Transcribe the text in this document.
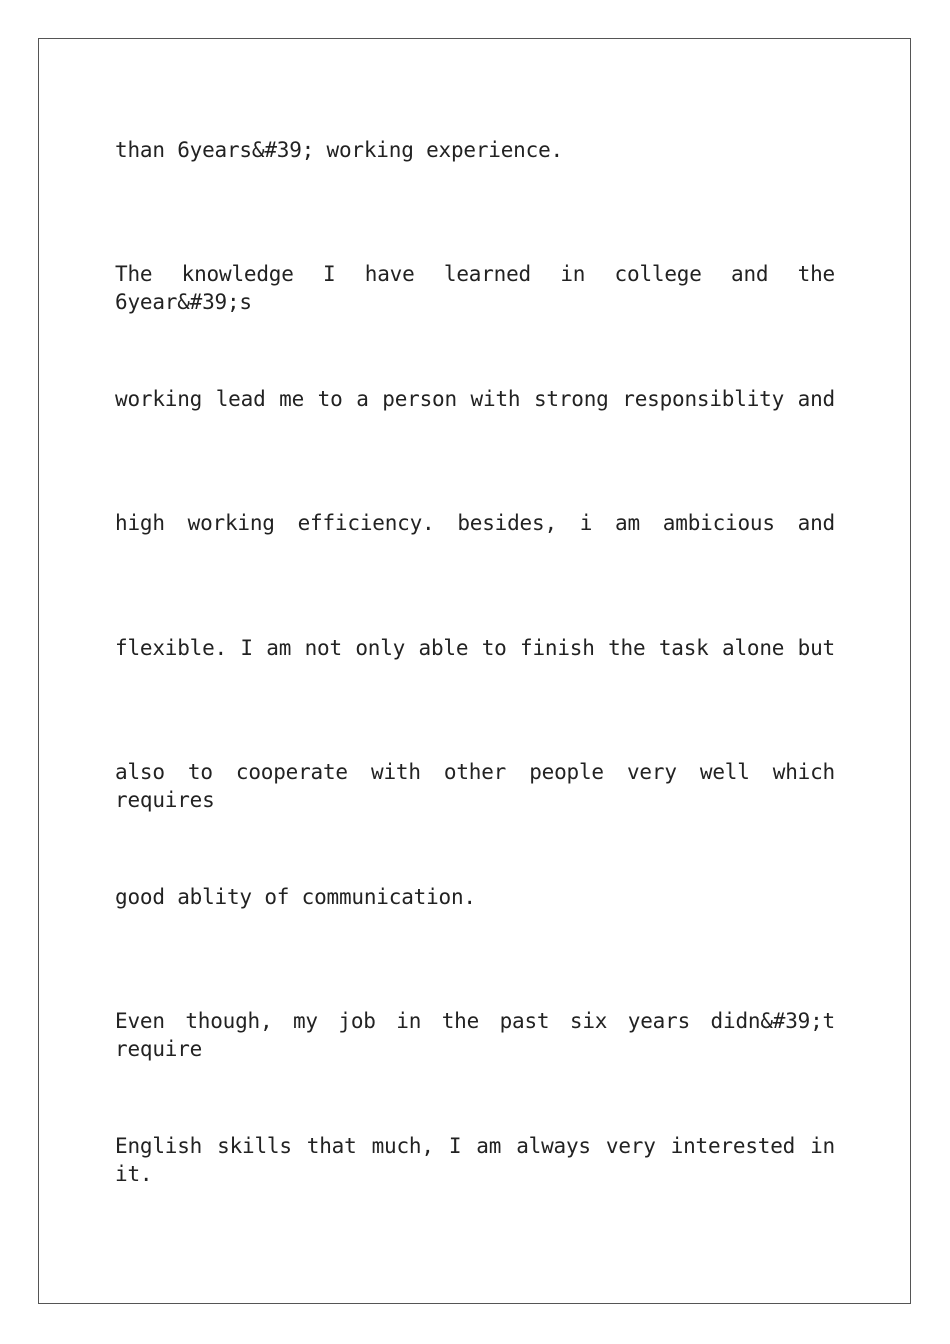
than 6years&#39; working experience.
The knowledge I have learned in college and the 6year&#39;s
working lead me to a person with strong responsiblity and
high working efficiency. besides, i am ambicious and
flexible. I am not only able to finish the task alone but
also to cooperate with other people very well which requires
good ablity of communication.
Even though, my job in the past six years didn&#39;t require
English skills that much, I am always very interested in it.
